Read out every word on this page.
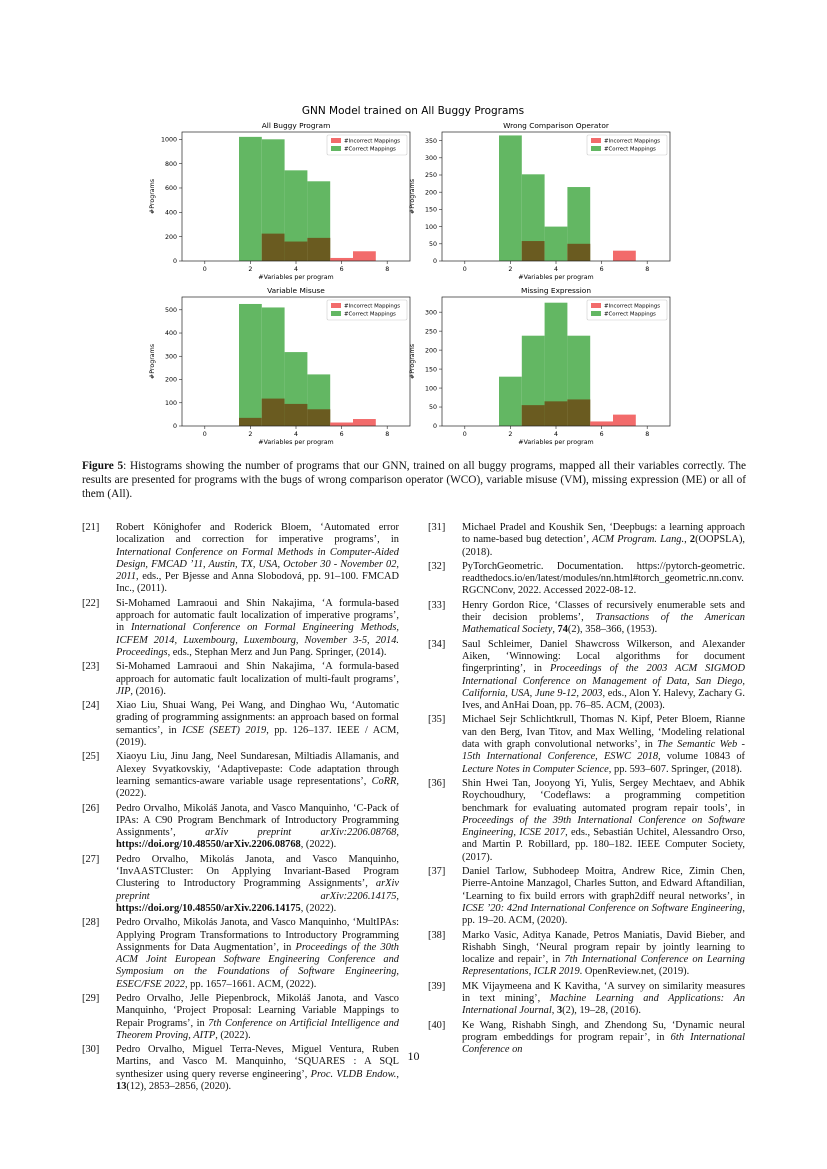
GNN Model trained on All Buggy Programs
All Buggy Program
0	2	4	6	8
0
200
400
600
800
1000
#Variables per program
#Programs
#Incorrect Mappings
#Correct Mappings
Wrong Comparison Operator
0	2	4	6	8
0
50
100
150
200
250
300
350
#Variables per program
#Programs
#Incorrect Mappings
#Correct Mappings
Variable Misuse
0	2	4	6	8
0
100
200
300
400
500
#Variables per program
#Programs
#Incorrect Mappings
#Correct Mappings
Missing Expression
0	2	4	6	8
0
50
100
150
200
250
300
#Variables per program
#Programs
#Incorrect Mappings
#Correct Mappings
Figure 5: Histograms showing the number of programs that our GNN, trained on all buggy programs, mapped all their variables correctly. The results are presented for programs with the bugs of wrong comparison operator (WCO), variable misuse (VM), missing expression (ME) or all of them (All).
[21] Robert Könighofer and Roderick Bloem, ‘Automated error localization and correction for imperative programs’, in International Conference on Formal Methods in Computer-Aided Design, FMCAD ’11, Austin, TX, USA, October 30 - November 02, 2011, eds., Per Bjesse and Anna Slobodová, pp. 91–100. FMCAD Inc., (2011).
[22] Si-Mohamed Lamraoui and Shin Nakajima, ‘A formula-based approach for automatic fault localization of imperative programs’, in International Conference on Formal Engineering Methods, ICFEM 2014, Luxembourg, Luxembourg, November 3-5, 2014. Proceedings, eds., Stephan Merz and Jun Pang. Springer, (2014).
[23] Si-Mohamed Lamraoui and Shin Nakajima, ‘A formula-based approach for automatic fault localization of multi-fault programs’, JIP, (2016).
[24] Xiao Liu, Shuai Wang, Pei Wang, and Dinghao Wu, ‘Automatic grading of programming assignments: an approach based on formal semantics’, in ICSE (SEET) 2019, pp. 126–137. IEEE / ACM, (2019).
[25] Xiaoyu Liu, Jinu Jang, Neel Sundaresan, Miltiadis Allamanis, and Alexey Svyatkovskiy, ‘Adaptivepaste: Code adaptation through learning semantics-aware variable usage representations’, CoRR, (2022).
[26] Pedro Orvalho, Mikoláš Janota, and Vasco Manquinho, ‘C-Pack of IPAs: A C90 Program Benchmark of Introductory Programming Assignments’, arXiv preprint arXiv:2206.08768, https://doi.org/10.48550/arXiv.2206.08768, (2022).
[27] Pedro Orvalho, Mikolás Janota, and Vasco Manquinho, ‘InvAASTCluster: On Applying Invariant-Based Program Clustering to Introductory Programming Assignments’, arXiv preprint arXiv:2206.14175, https://doi.org/10.48550/arXiv.2206.14175, (2022).
[28] Pedro Orvalho, Mikolás Janota, and Vasco Manquinho, ‘MultIPAs: Applying Program Transformations to Introductory Programming Assignments for Data Augmentation’, in Proceedings of the 30th ACM Joint European Software Engineering Conference and Symposium on the Foundations of Software Engineering, ESEC/FSE 2022, pp. 1657–1661. ACM, (2022).
[29] Pedro Orvalho, Jelle Piepenbrock, Mikoláš Janota, and Vasco Manquinho, ‘Project Proposal: Learning Variable Mappings to Repair Programs’, in 7th Conference on Artificial Intelligence and Theorem Proving, AITP, (2022).
[30] Pedro Orvalho, Miguel Terra-Neves, Miguel Ventura, Ruben Martins, and Vasco M. Manquinho, ‘SQUARES : A SQL synthesizer using query reverse engineering’, Proc. VLDB Endow., 13(12), 2853–2856, (2020).
[31] Michael Pradel and Koushik Sen, ‘Deepbugs: a learning approach to name-based bug detection’, ACM Program. Lang., 2(OOPSLA), (2018).
[32] PyTorchGeometric. Documentation. https://pytorch-geometric. readthedocs.io/en/latest/modules/nn.html#torch_geometric.nn.conv. RGCNConv, 2022. Accessed 2022-08-12.
[33] Henry Gordon Rice, ‘Classes of recursively enumerable sets and their decision problems’, Transactions of the American Mathematical Society, 74(2), 358–366, (1953).
[34] Saul Schleimer, Daniel Shawcross Wilkerson, and Alexander Aiken, ‘Winnowing: Local algorithms for document fingerprinting’, in Proceedings of the 2003 ACM SIGMOD International Conference on Management of Data, San Diego, California, USA, June 9-12, 2003, eds., Alon Y. Halevy, Zachary G. Ives, and AnHai Doan, pp. 76–85. ACM, (2003).
[35] Michael Sejr Schlichtkrull, Thomas N. Kipf, Peter Bloem, Rianne van den Berg, Ivan Titov, and Max Welling, ‘Modeling relational data with graph convolutional networks’, in The Semantic Web - 15th International Conference, ESWC 2018, volume 10843 of Lecture Notes in Computer Science, pp. 593–607. Springer, (2018).
[36] Shin Hwei Tan, Jooyong Yi, Yulis, Sergey Mechtaev, and Abhik Roychoudhury, ‘Codeflaws: a programming competition benchmark for evaluating automated program repair tools’, in Proceedings of the 39th International Conference on Software Engineering, ICSE 2017, eds., Sebastián Uchitel, Alessandro Orso, and Martin P. Robillard, pp. 180–182. IEEE Computer Society, (2017).
[37] Daniel Tarlow, Subhodeep Moitra, Andrew Rice, Zimin Chen, Pierre-Antoine Manzagol, Charles Sutton, and Edward Aftandilian, ‘Learning to fix build errors with graph2diff neural networks’, in ICSE ’20: 42nd International Conference on Software Engineering, pp. 19–20. ACM, (2020).
[38] Marko Vasic, Aditya Kanade, Petros Maniatis, David Bieber, and Rishabh Singh, ‘Neural program repair by jointly learning to localize and repair’, in 7th International Conference on Learning Representations, ICLR 2019. OpenReview.net, (2019).
[39] MK Vijaymeena and K Kavitha, ‘A survey on similarity measures in text mining’, Machine Learning and Applications: An International Journal, 3(2), 19–28, (2016).
[40] Ke Wang, Rishabh Singh, and Zhendong Su, ‘Dynamic neural program embeddings for program repair’, in 6th International Conference on
10
